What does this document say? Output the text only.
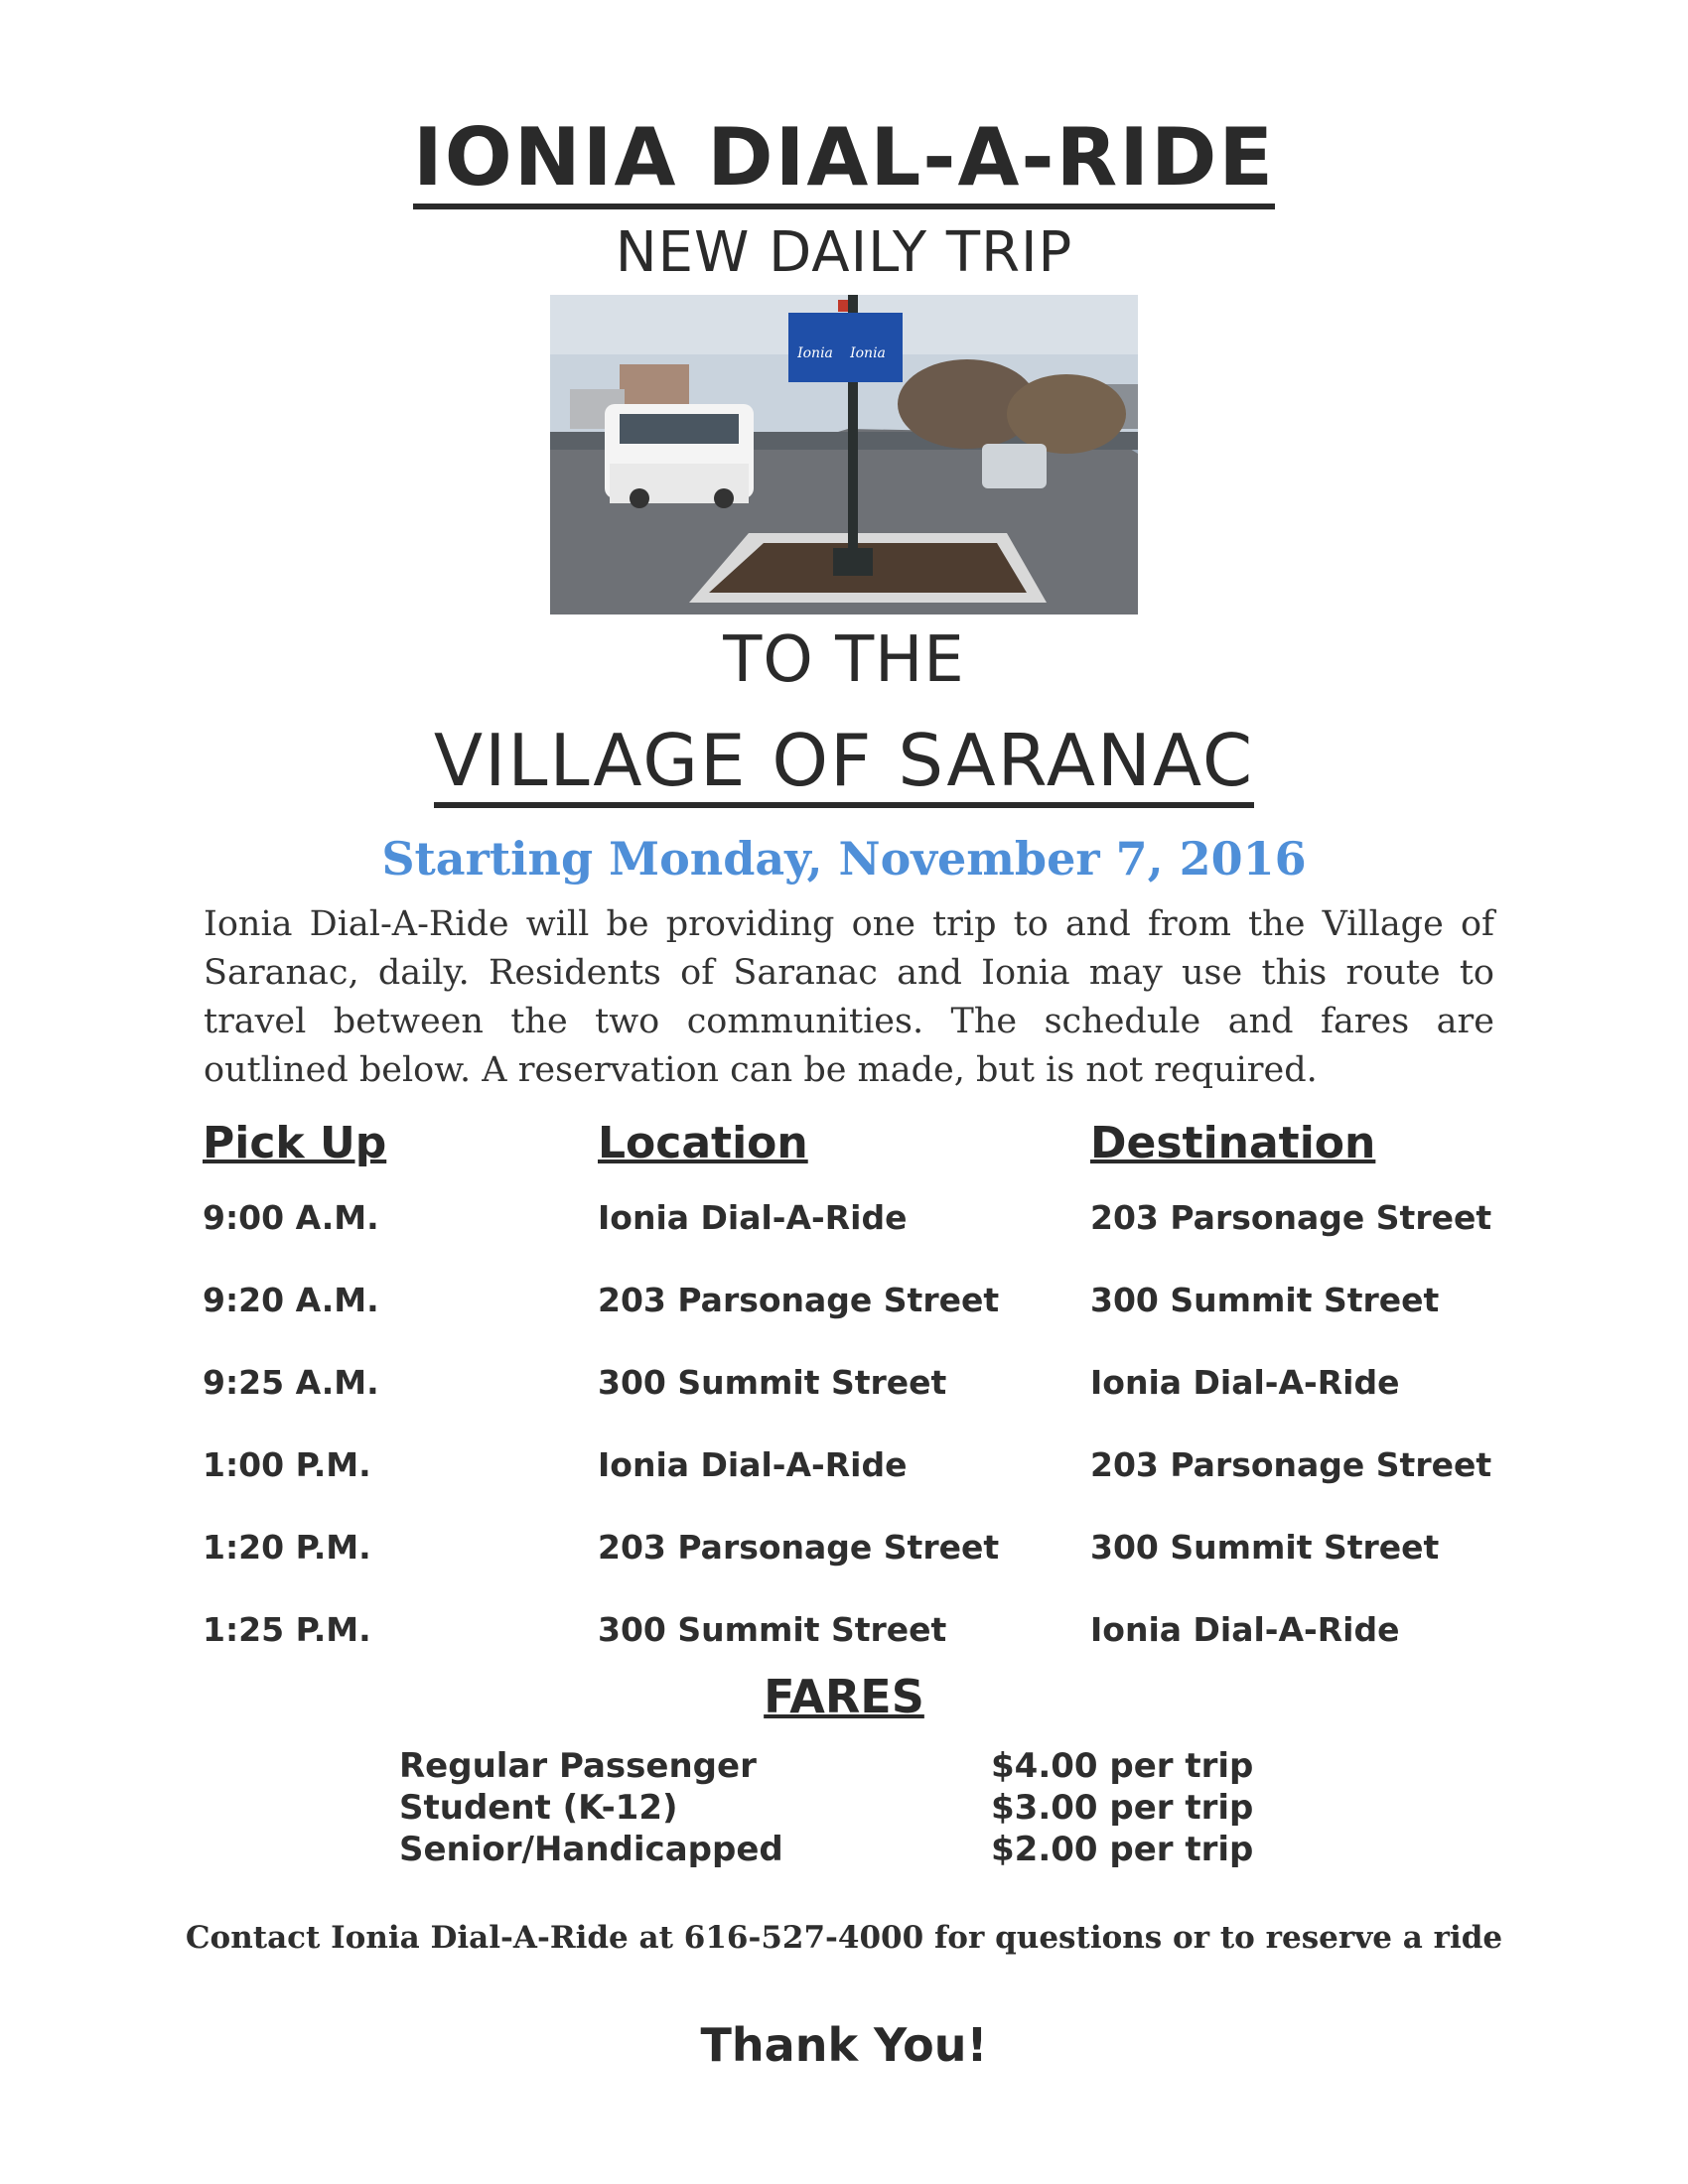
IONIA DIAL-A-RIDE
NEW DAILY TRIP
Ionia Ionia
TO THE
VILLAGE OF SARANAC
Starting Monday, November 7, 2016
Ionia Dial-A-Ride will be providing one trip to and from the Village of Saranac, daily. Residents of Saranac and Ionia may use this route to travel between the two communities. The schedule and fares are outlined below. A reservation can be made, but is not required.
Pick Up	Location	Destination
9:00 A.M.	Ionia Dial-A-Ride	203 Parsonage Street
9:20 A.M.	203 Parsonage Street	300 Summit Street
9:25 A.M.	300 Summit Street	Ionia Dial-A-Ride
1:00 P.M.	Ionia Dial-A-Ride	203 Parsonage Street
1:20 P.M.	203 Parsonage Street	300 Summit Street
1:25 P.M.	300 Summit Street	Ionia Dial-A-Ride
FARES
Regular Passenger	$4.00 per trip
Student (K-12)	$3.00 per trip
Senior/Handicapped	$2.00 per trip
Contact Ionia Dial-A-Ride at 616-527-4000 for questions or to reserve a ride
Thank You!
